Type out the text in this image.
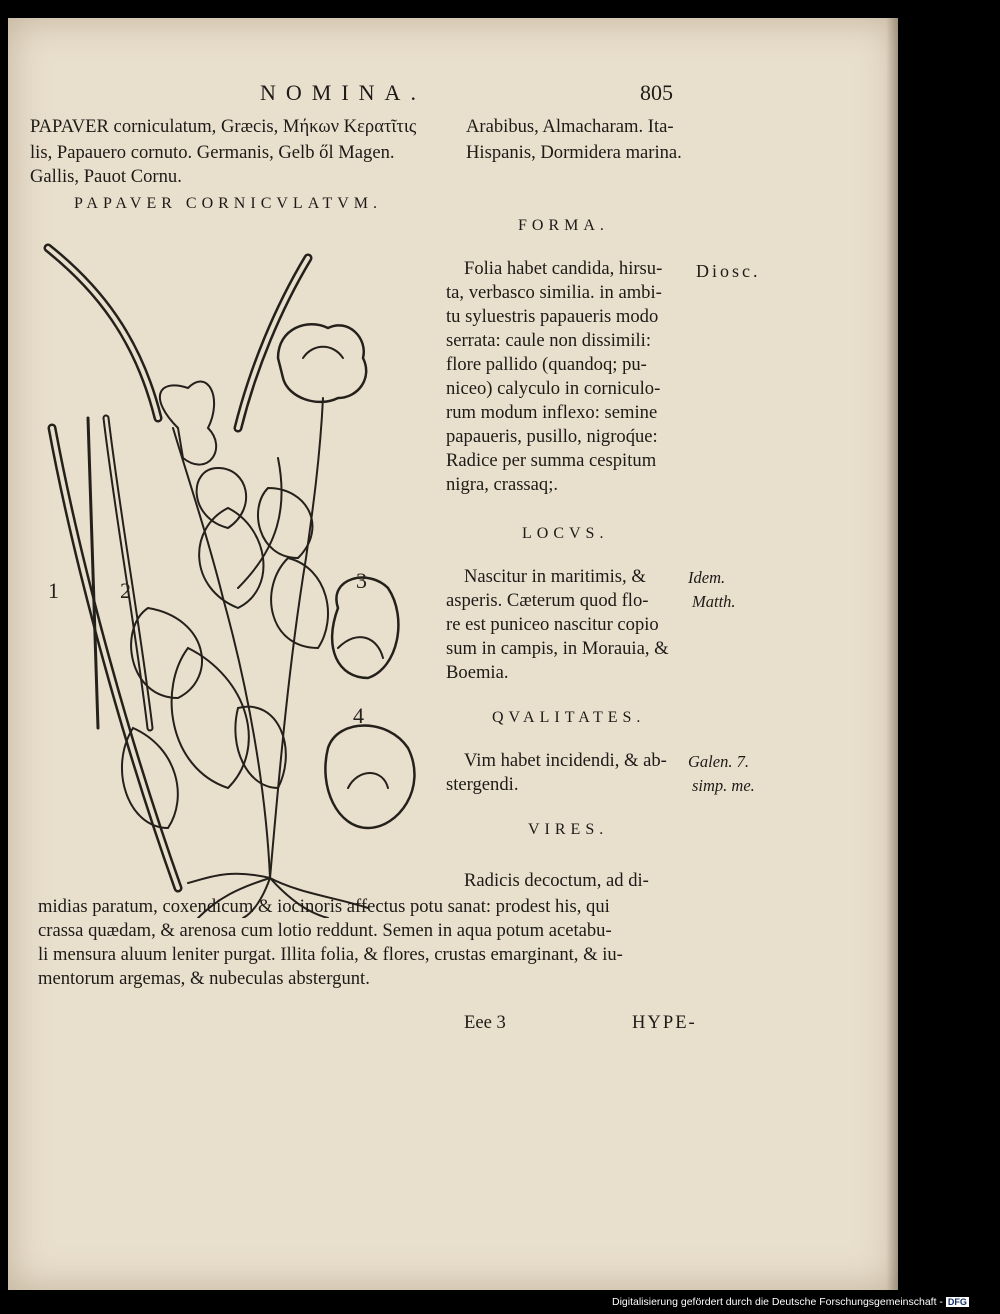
NOMINA.	805
PAPAVER corniculatum, Græcis, Μήκων Κερατῖτις	Arabibus, Almacharam. Ita-
lis, Papauero cornuto. Germanis, Gelb ől Magen.	Hispanis, Dormidera marina.
Gallis, Pauot Cornu.
PAPAVER CORNICVLATVM.
1	2	3
4
FORMA.
Folia habet candida, hirsu-
ta, verbasco similia. in ambi-
tu syluestris papaueris modo
serrata: caule non dissimili:
flore pallido (quandoq; pu-
niceo) calyculo in corniculo-
rum modum inflexo: semine
papaueris, pusillo, nigroq́ue:
Radice per summa cespitum
nigra, crassaq;.
Diosc.
LOCVS.
Nascitur in maritimis, &
asperis. Cæterum quod flo-
re est puniceo nascitur copio
sum in campis, in Morauia, &
Boemia.
Idem.
Matth.
QVALITATES.
Vim habet incidendi, & ab-
stergendi.
Galen. 7.
simp. me.
VIRES.
Radicis decoctum, ad di-
midias paratum, coxendicum & iocinoris affectus potu sanat: prodest his, qui
crassa quædam, & arenosa cum lotio reddunt. Semen in aqua potum acetabu-
li mensura aluum leniter purgat. Illita folia, & flores, crustas emarginant, & iu-
mentorum argemas, & nubeculas abstergunt.
Eee 3	HYPE-
Digitalisierung gefördert durch die Deutsche Forschungsgemeinschaft - DFG
